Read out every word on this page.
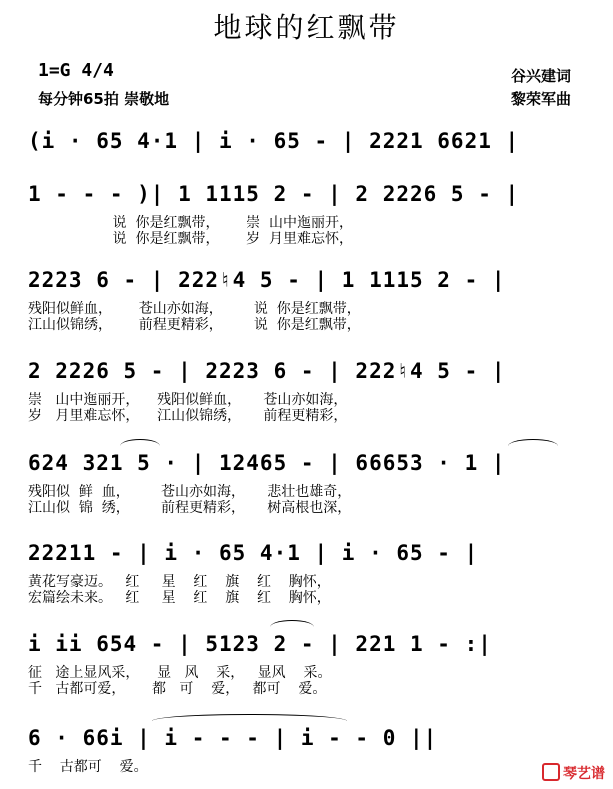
地球的红飘带
1=G 4/4
每分钟65拍 崇敬地
谷兴建词
黎荣军曲
(i · 65 4·1 | i · 65 - | 2221 6621 |
1 - - - )| 1 1115 2 - | 2 2226 5 - |
说  你是红飘带，      崇  山中迤丽开，
说  你是红飘带，      岁  月里难忘怀，
2223 6 - | 222♮4 5 - | 1 1115 2 - |
残阳似鲜血，      苍山亦如海，       说  你是红飘带，
江山似锦绣，      前程更精彩，       说  你是红飘带，
2 2226 5 - | 2223 6 - | 222♮4 5 - |
崇   山中迤丽开，    残阳似鲜血，     苍山亦如海，
岁   月里难忘怀，    江山似锦绣，     前程更精彩，
624 321 5 · | 12465 - | 66653 · 1 |
残阳似  鲜  血，       苍山亦如海，     悲壮也雄奇，
江山似  锦  绣，       前程更精彩，     树高根也深，
22211 - | i · 65 4·1 | i · 65 - |
黄花写豪迈。   红     星    红    旗    红    胸怀，
宏篇绘未来。   红     星    红    旗    红    胸怀，
i ii 654 - | 5123 2 - | 221 1 - :|
征   途上显风采，    显   风    采，   显风    采。
千   古都可爱，      都   可    爱，   都可    爱。
6 · 66i | i - - - | i - - 0 ||
千    古都可    爱。	琴艺谱
